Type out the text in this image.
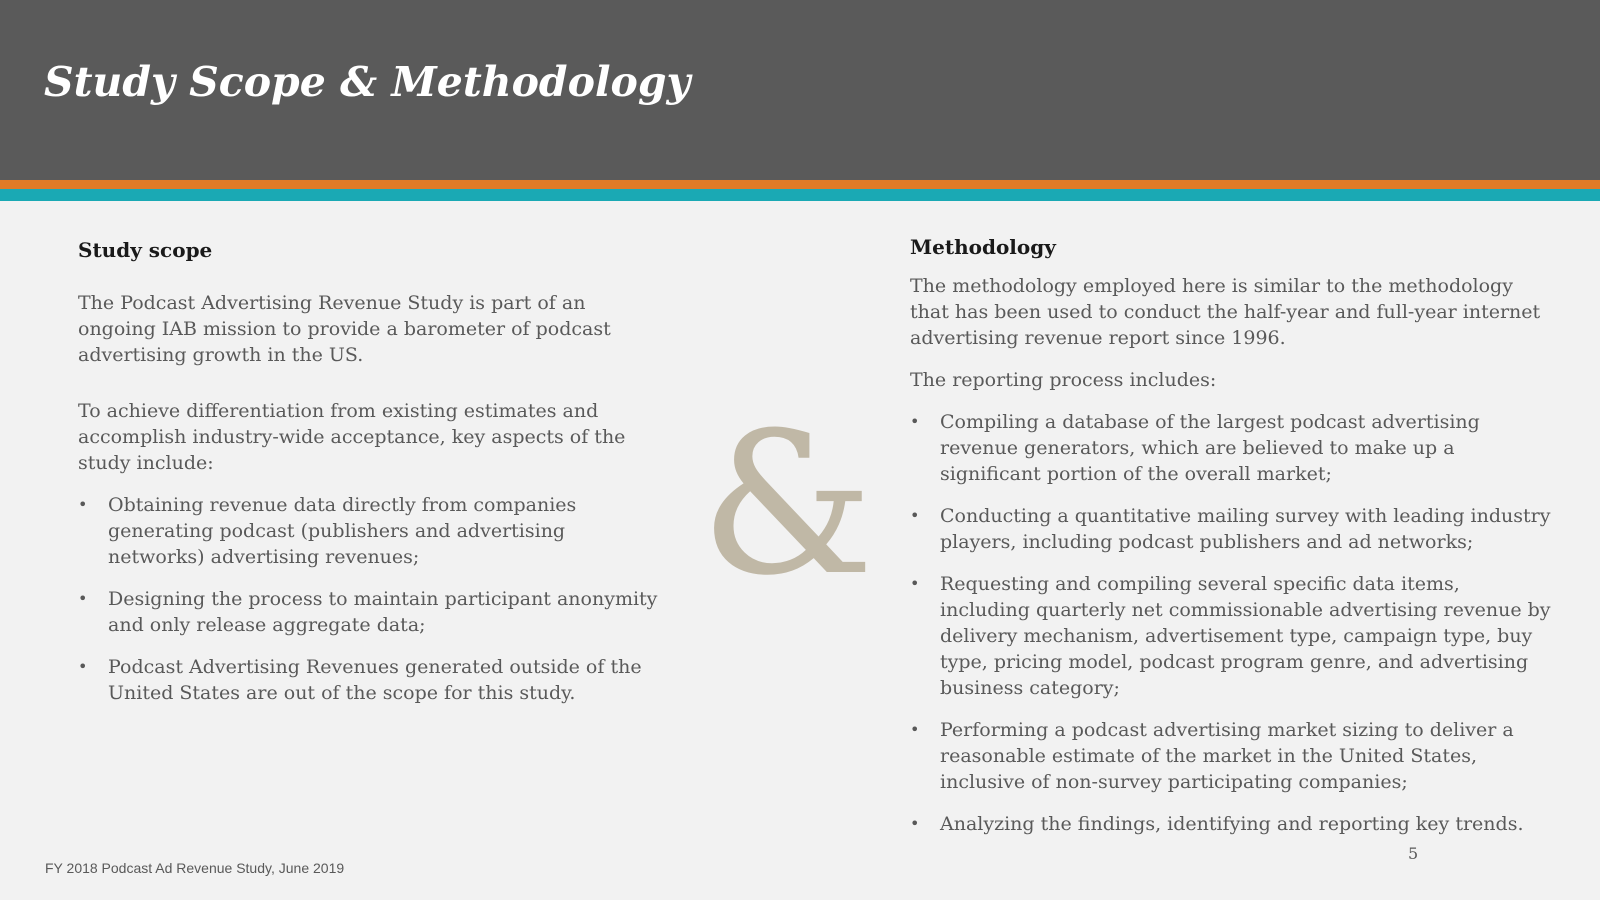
Study Scope & Methodology
Study scope

The Podcast Advertising Revenue Study is part of an ongoing IAB mission to provide a barometer of podcast advertising growth in the US.

To achieve differentiation from existing estimates and accomplish industry-wide acceptance, key aspects of the study include:

• Obtaining revenue data directly from companies generating podcast (publishers and advertising networks) advertising revenues;
• Designing the process to maintain participant anonymity and only release aggregate data;
• Podcast Advertising Revenues generated outside of the United States are out of the scope for this study.
&
Methodology

The methodology employed here is similar to the methodology that has been used to conduct the half-year and full-year internet advertising revenue report since 1996.

The reporting process includes:

• Compiling a database of the largest podcast advertising revenue generators, which are believed to make up a significant portion of the overall market;
• Conducting a quantitative mailing survey with leading industry players, including podcast publishers and ad networks;
• Requesting and compiling several specific data items, including quarterly net commissionable advertising revenue by delivery mechanism, advertisement type, campaign type, buy type, pricing model, podcast program genre, and advertising business category;
• Performing a podcast advertising market sizing to deliver a reasonable estimate of the market in the United States, inclusive of non-survey participating companies;
• Analyzing the findings, identifying and reporting key trends.
FY 2018 Podcast Ad Revenue Study, June 2019
5
